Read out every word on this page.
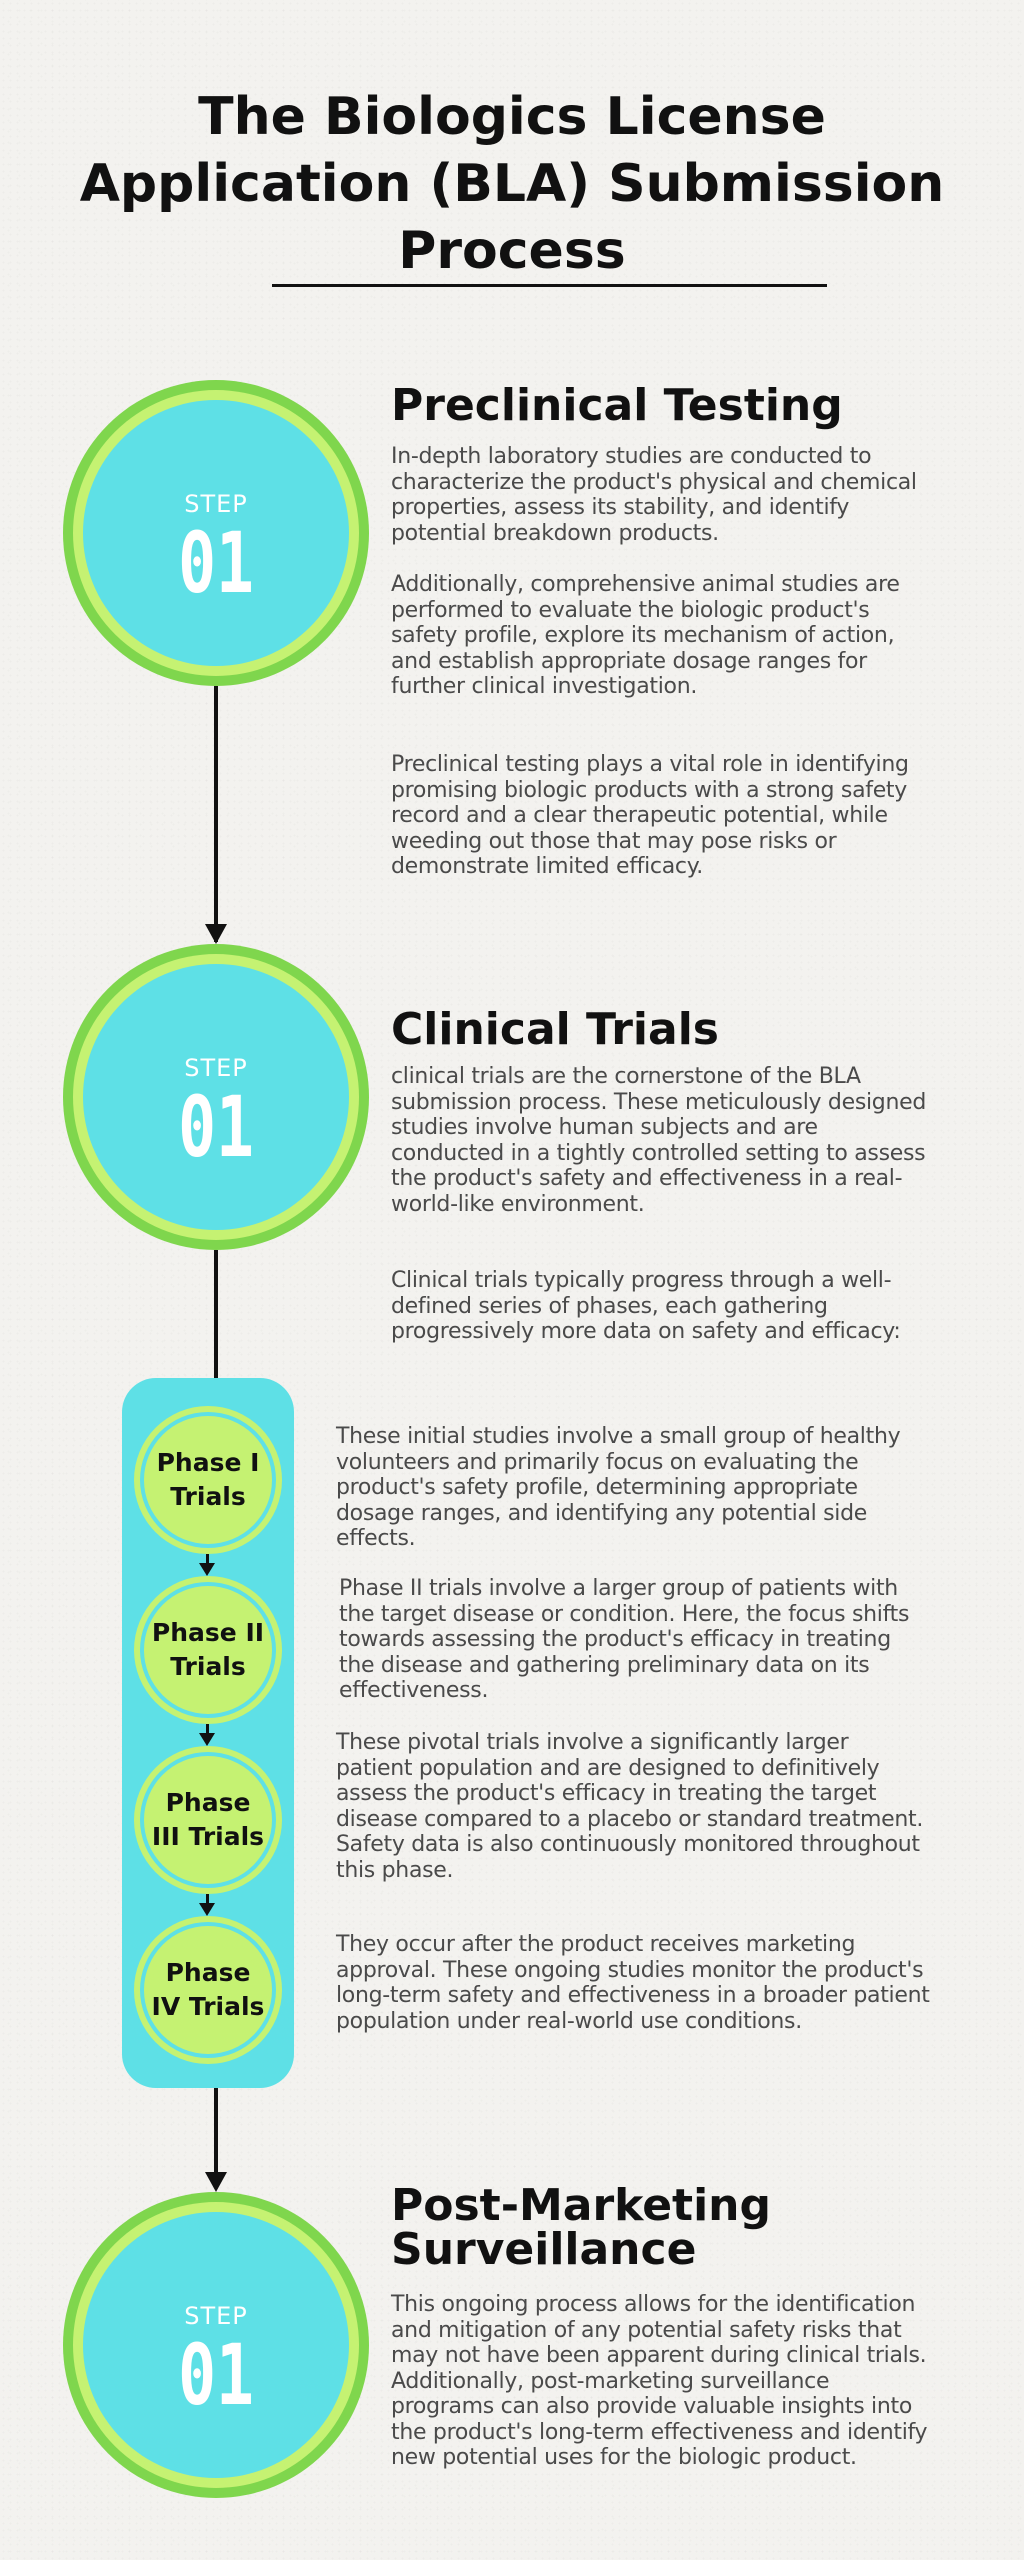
The Biologics License Application (BLA) Submission Process
STEP
01
Preclinical Testing

In-depth laboratory studies are conducted to characterize the product's physical and chemical properties, assess its stability, and identify potential breakdown products.

Additionally, comprehensive animal studies are performed to evaluate the biologic product's safety profile, explore its mechanism of action, and establish appropriate dosage ranges for further clinical investigation.

Preclinical testing plays a vital role in identifying promising biologic products with a strong safety record and a clear therapeutic potential, while weeding out those that may pose risks or demonstrate limited efficacy.

STEP
01
Clinical Trials

clinical trials are the cornerstone of the BLA submission process. These meticulously designed studies involve human subjects and are conducted in a tightly controlled setting to assess the product's safety and effectiveness in a real-world-like environment.

Clinical trials typically progress through a well-defined series of phases, each gathering progressively more data on safety and efficacy:

Phase I Trials
Phase II Trials
Phase III Trials
Phase IV Trials

These initial studies involve a small group of healthy volunteers and primarily focus on evaluating the product's safety profile, determining appropriate dosage ranges, and identifying any potential side effects.

Phase II trials involve a larger group of patients with the target disease or condition. Here, the focus shifts towards assessing the product's efficacy in treating the disease and gathering preliminary data on its effectiveness.

These pivotal trials involve a significantly larger patient population and are designed to definitively assess the product's efficacy in treating the target disease compared to a placebo or standard treatment. Safety data is also continuously monitored throughout this phase.

They occur after the product receives marketing approval. These ongoing studies monitor the product's long-term safety and effectiveness in a broader patient population under real-world use conditions.

STEP
01
Post-Marketing Surveillance

This ongoing process allows for the identification and mitigation of any potential safety risks that may not have been apparent during clinical trials. Additionally, post-marketing surveillance programs can also provide valuable insights into the product's long-term effectiveness and identify new potential uses for the biologic product.
